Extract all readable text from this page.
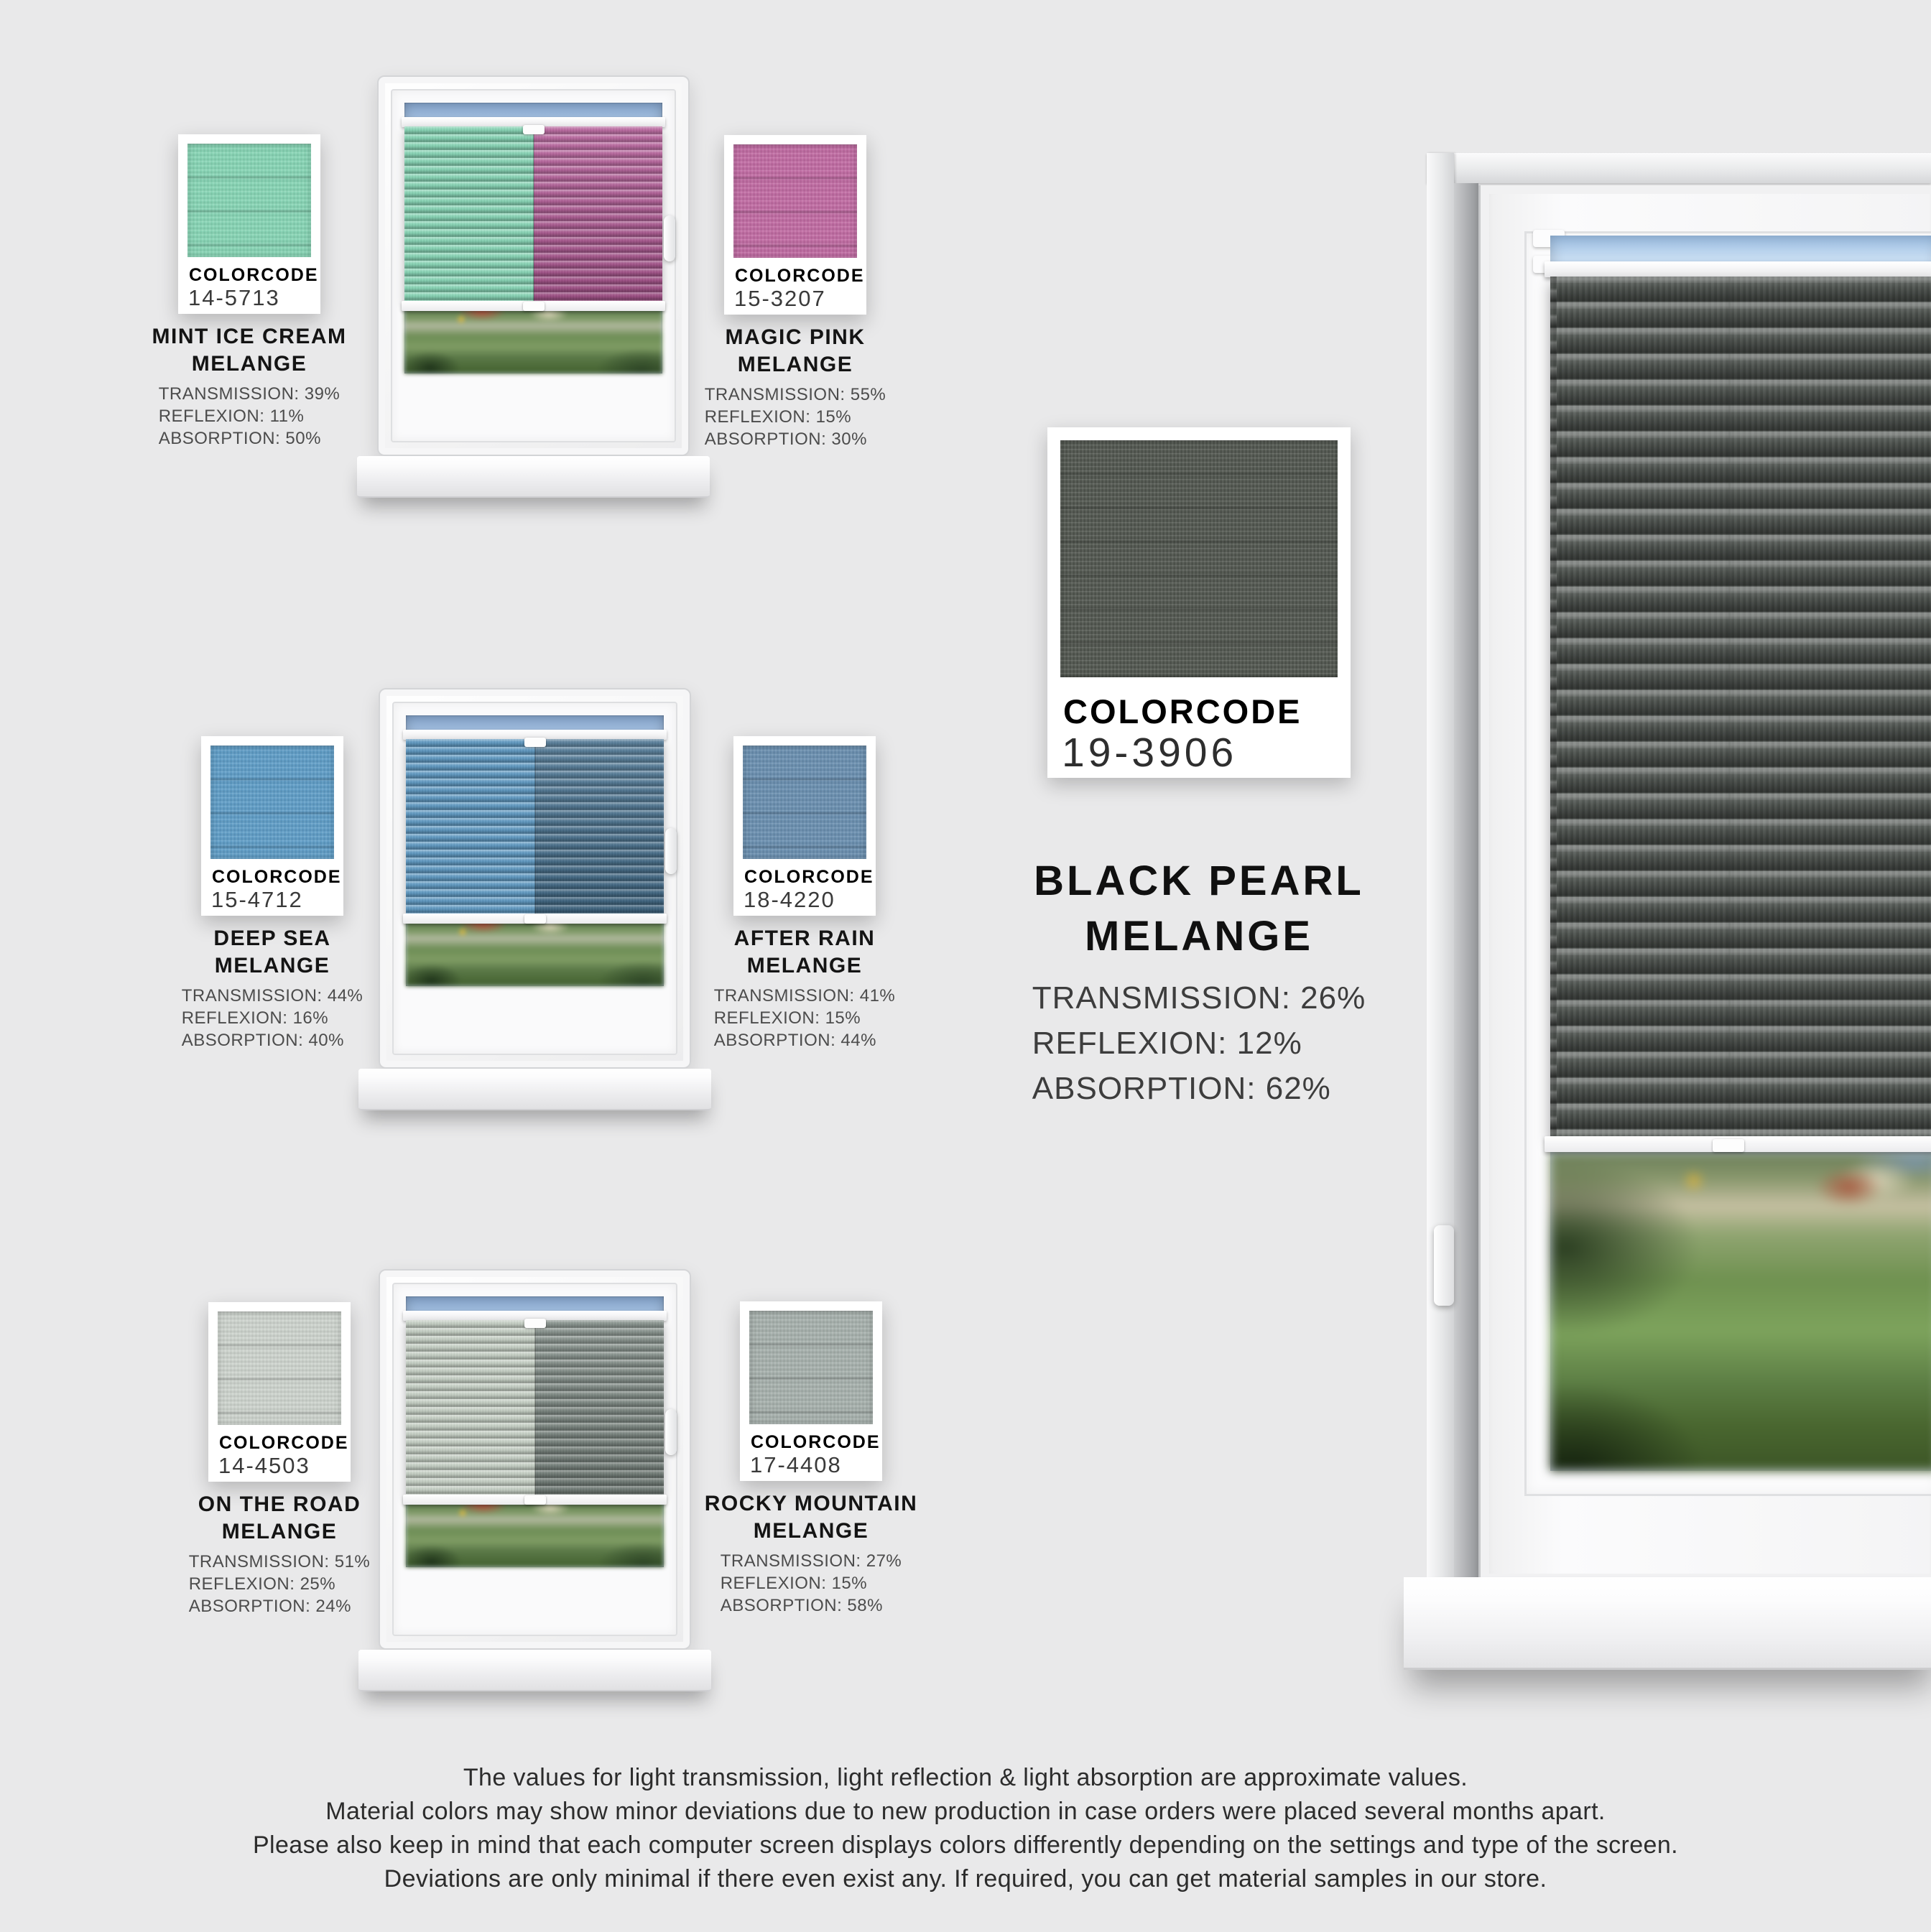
COLORCODE
14-5713
MINT ICE CREAM
MELANGE
TRANSMISSION: 39%
REFLEXION: 11%
ABSORPTION: 50%
COLORCODE
15-3207
MAGIC PINK
MELANGE
TRANSMISSION: 55%
REFLEXION: 15%
ABSORPTION: 30%
COLORCODE
15-4712
DEEP SEA
MELANGE
TRANSMISSION: 44%
REFLEXION: 16%
ABSORPTION: 40%
COLORCODE
18-4220
AFTER RAIN
MELANGE
TRANSMISSION: 41%
REFLEXION: 15%
ABSORPTION: 44%
COLORCODE
14-4503
ON THE ROAD
MELANGE
TRANSMISSION: 51%
REFLEXION: 25%
ABSORPTION: 24%
COLORCODE
17-4408
ROCKY MOUNTAIN
MELANGE
TRANSMISSION: 27%
REFLEXION: 15%
ABSORPTION: 58%
COLORCODE
19-3906
BLACK PEARL
MELANGE
TRANSMISSION: 26%
REFLEXION: 12%
ABSORPTION: 62%
The values for light transmission, light reflection & light absorption are approximate values.
Material colors may show minor deviations due to new production in case orders were placed several months apart.
Please also keep in mind that each computer screen displays colors differently depending on the settings and type of the screen.
Deviations are only minimal if there even exist any. If required, you can get material samples in our store.
